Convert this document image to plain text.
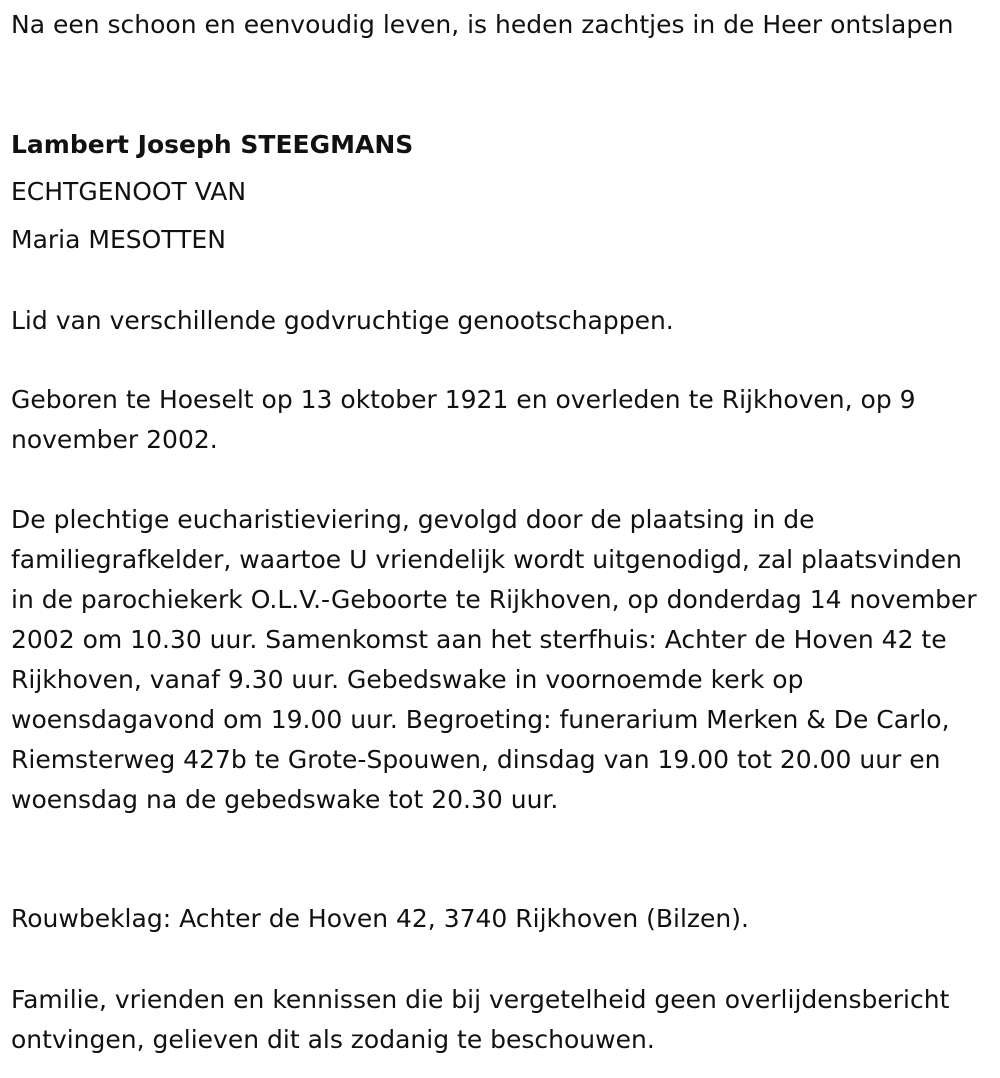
Na een schoon en eenvoudig leven, is heden zachtjes in de Heer ontslapen

Lambert Joseph STEEGMANS

ECHTGENOOT VAN

Maria MESOTTEN

Lid van verschillende godvruchtige genootschappen.

Geboren te Hoeselt op 13 oktober 1921 en overleden te Rijkhoven, op 9 november 2002.

De plechtige eucharistieviering, gevolgd door de plaatsing in de familiegrafkelder, waartoe U vriendelijk wordt uitgenodigd, zal plaatsvinden in de parochiekerk O.L.V.-Geboorte te Rijkhoven, op donderdag 14 november 2002 om 10.30 uur. Samenkomst aan het sterfhuis: Achter de Hoven 42 te Rijkhoven, vanaf 9.30 uur. Gebedswake in voornoemde kerk op woensdagavond om 19.00 uur. Begroeting: funerarium Merken & De Carlo, Riemsterweg 427b te Grote-Spouwen, dinsdag van 19.00 tot 20.00 uur en woensdag na de gebedswake tot 20.30 uur.

Rouwbeklag: Achter de Hoven 42, 3740 Rijkhoven (Bilzen).

Familie, vrienden en kennissen die bij vergetelheid geen overlijdensbericht ontvingen, gelieven dit als zodanig te beschouwen.
